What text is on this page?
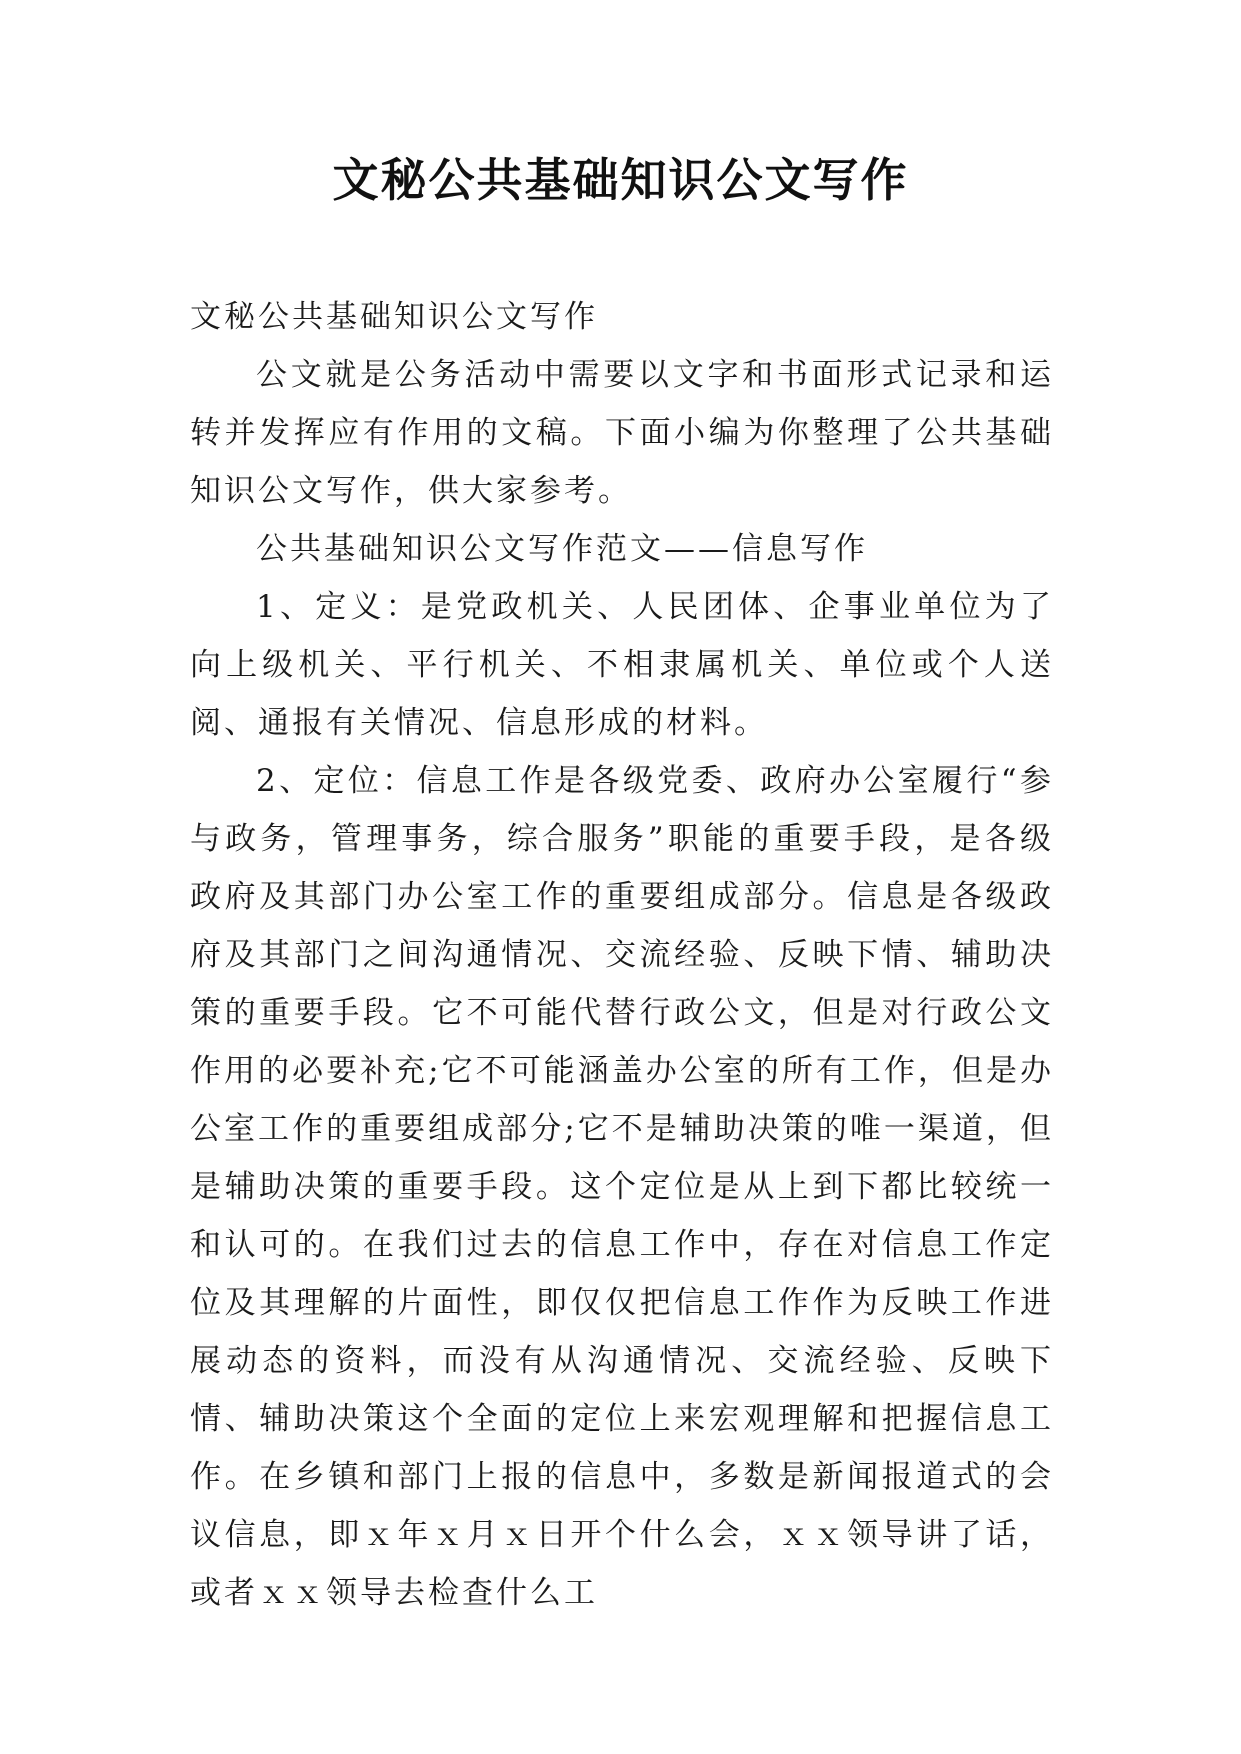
文秘公共基础知识公文写作

文秘公共基础知识公文写作

公文就是公务活动中需要以文字和书面形式记录和运转并发挥应有作用的文稿。下面小编为你整理了公共基础知识公文写作，供大家参考。

公共基础知识公文写作范文——信息写作

1、定义：是党政机关、人民团体、企事业单位为了向上级机关、平行机关、不相隶属机关、单位或个人送阅、通报有关情况、信息形成的材料。

2、定位：信息工作是各级党委、政府办公室履行“参与政务，管理事务，综合服务”职能的重要手段，是各级政府及其部门办公室工作的重要组成部分。信息是各级政府及其部门之间沟通情况、交流经验、反映下情、辅助决策的重要手段。它不可能代替行政公文，但是对行政公文作用的必要补充;它不可能涵盖办公室的所有工作，但是办公室工作的重要组成部分;它不是辅助决策的唯一渠道，但是辅助决策的重要手段。这个定位是从上到下都比较统一和认可的。在我们过去的信息工作中，存在对信息工作定位及其理解的片面性，即仅仅把信息工作作为反映工作进展动态的资料，而没有从沟通情况、交流经验、反映下情、辅助决策这个全面的定位上来宏观理解和把握信息工作。在乡镇和部门上报的信息中，多数是新闻报道式的会议信息，即ｘ年ｘ月ｘ日开个什么会，ｘｘ领导讲了话，或者ｘｘ领导去检查什么工
